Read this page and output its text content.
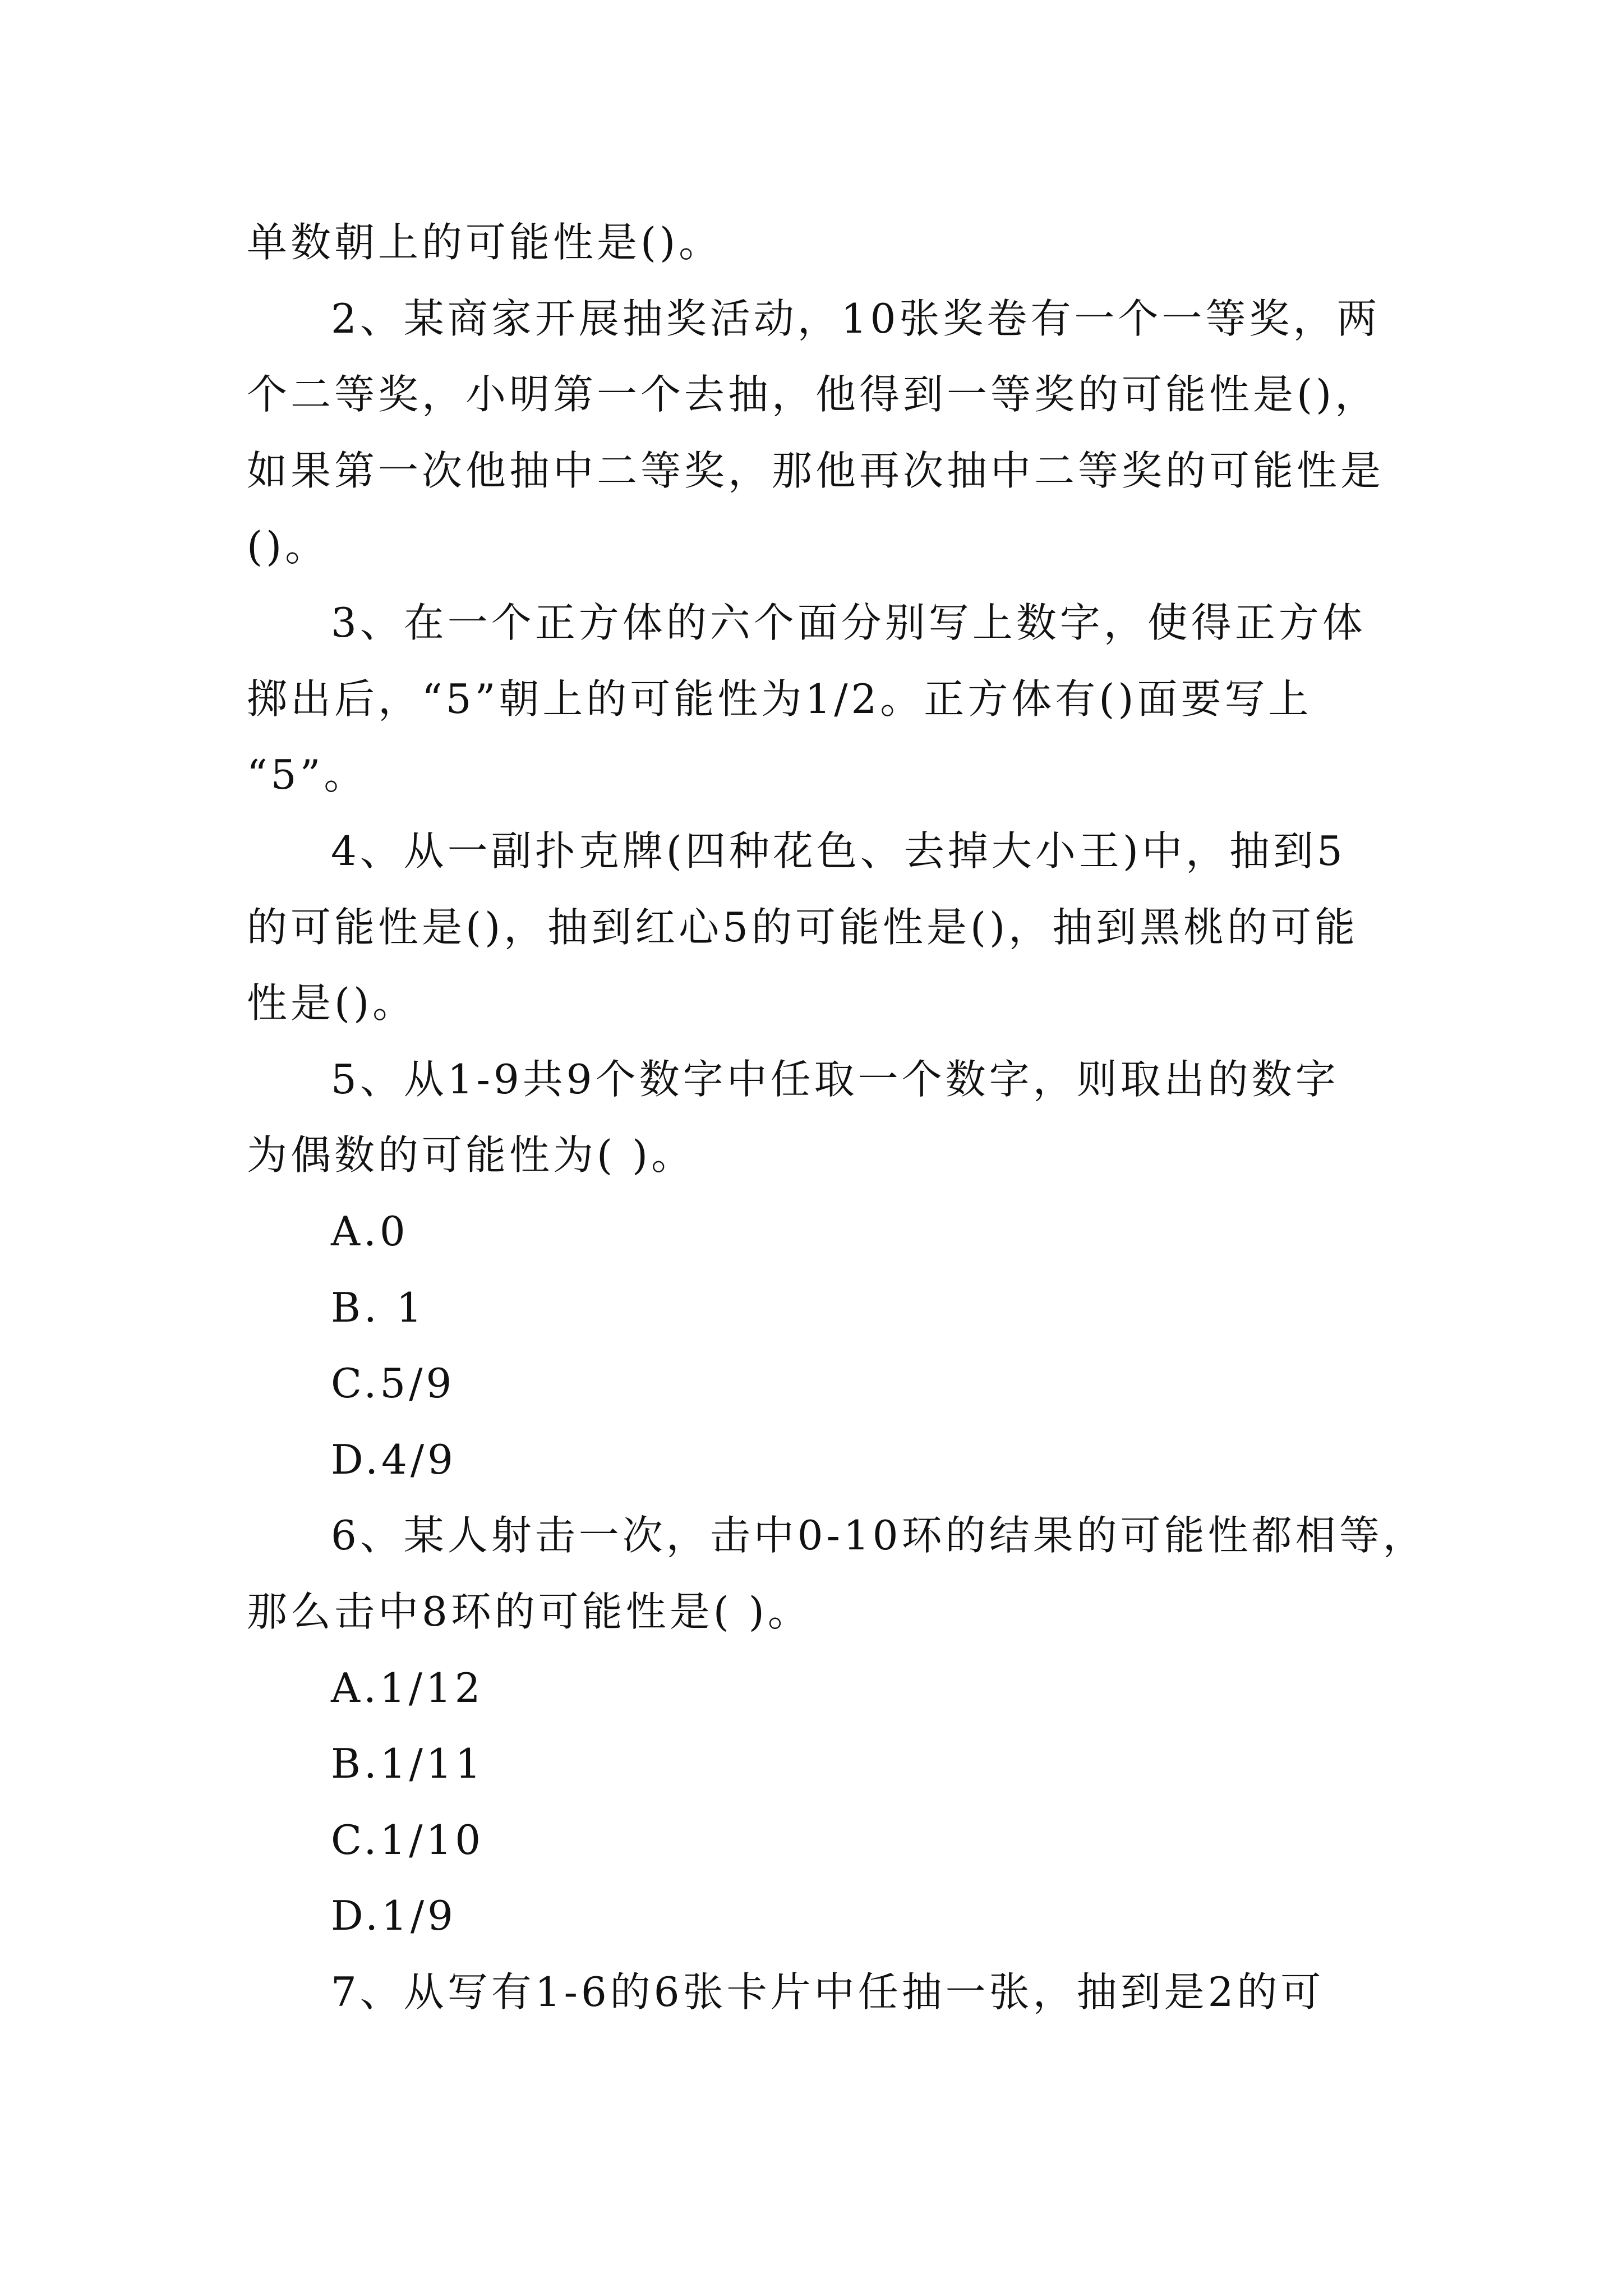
单数朝上的可能性是()。
2、某商家开展抽奖活动，10张奖卷有一个一等奖，两
个二等奖，小明第一个去抽，他得到一等奖的可能性是()，
如果第一次他抽中二等奖，那他再次抽中二等奖的可能性是
()。
3、在一个正方体的六个面分别写上数字，使得正方体
掷出后，“5”朝上的可能性为1/2。正方体有()面要写上
“5”。
4、从一副扑克牌(四种花色、去掉大小王)中，抽到5
的可能性是()，抽到红心5的可能性是()，抽到黑桃的可能
性是()。
5、从1-9共9个数字中任取一个数字，则取出的数字
为偶数的可能性为( )。
A.0
B. 1
C.5/9
D.4/9
6、某人射击一次，击中0-10环的结果的可能性都相等，
那么击中8环的可能性是( )。
A.1/12
B.1/11
C.1/10
D.1/9
7、从写有1-6的6张卡片中任抽一张，抽到是2的可
